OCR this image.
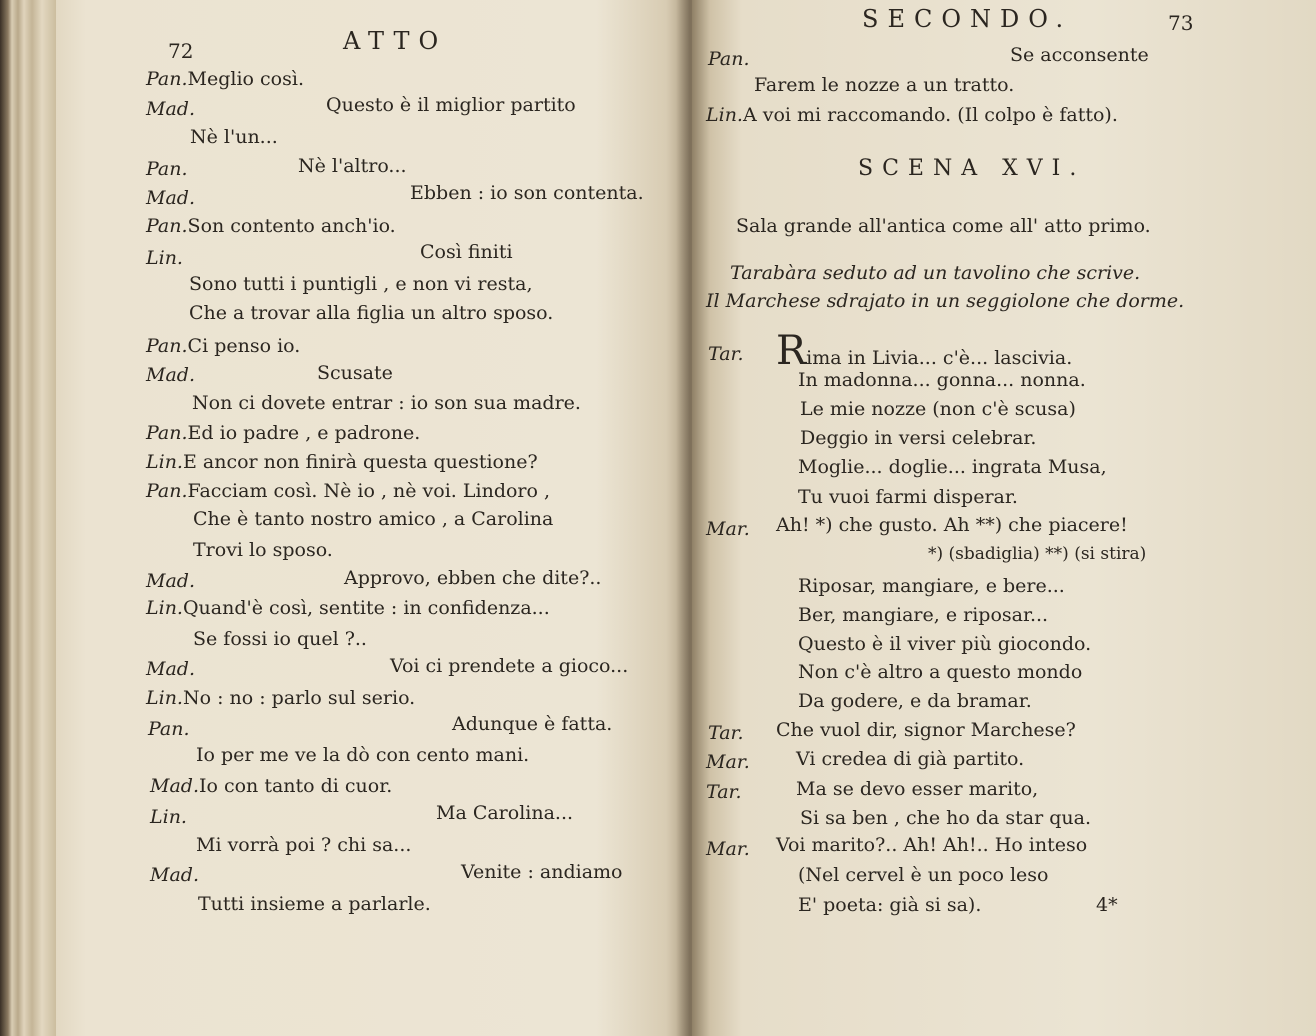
72	ATTO
Pan.Meglio così.
Mad.	Questo è il miglior partito
Nè l'un...
Pan.	Nè l'altro...
Mad.	Ebben : io son contenta.
Pan.Son contento anch'io.
Lin.	Così finiti
Sono tutti i puntigli , e non vi resta,
Che a trovar alla figlia un altro sposo.
Pan.Ci penso io.
Mad.	Scusate
Non ci dovete entrar : io son sua madre.
Pan.Ed io padre , e padrone.
Lin.E ancor non finirà questa questione?
Pan.Facciam così. Nè io , nè voi. Lindoro ,
Che è tanto nostro amico , a Carolina
Trovi lo sposo.
Mad.	Approvo, ebben che dite?..
Lin.Quand'è così, sentite : in confidenza...
Se fossi io quel ?..
Mad.	Voi ci prendete a gioco...
Lin.No : no : parlo sul serio.
Pan.	Adunque è fatta.
Io per me ve la dò con cento mani.
Mad.Io con tanto di cuor.
Lin.	Ma Carolina...
Mi vorrà poi ? chi sa...
Mad.	Venite : andiamo
Tutti insieme a parlarle.
SECONDO.	73
Pan.	Se acconsente
Farem le nozze a un tratto.
Lin.A voi mi raccomando. (Il colpo è fatto).
SCENA XVI.
Sala grande all'antica come all' atto primo.
Tarabàra seduto ad un tavolino che scrive.
Il Marchese sdrajato in un seggiolone che dorme.
Tar. Rima in Livia... c'è... lascivia.
In madonna... gonna... nonna.
Le mie nozze (non c'è scusa)
Deggio in versi celebrar.
Moglie... doglie... ingrata Musa,
Tu vuoi farmi disperar.
Mar. Ah! *) che gusto. Ah **) che piacere!
*) (sbadiglia) **) (si stira)
Riposar, mangiare, e bere...
Ber, mangiare, e riposar...
Questo è il viver più giocondo.
Non c'è altro a questo mondo
Da godere, e da bramar.
Tar. Che vuol dir, signor Marchese?
Mar. Vi credea di già partito.
Tar.	Ma se devo esser marito,
Si sa ben , che ho da star qua.
Mar. Voi marito?.. Ah! Ah!.. Ho inteso
(Nel cervel è un poco leso
E' poeta: già si sa).	4*
